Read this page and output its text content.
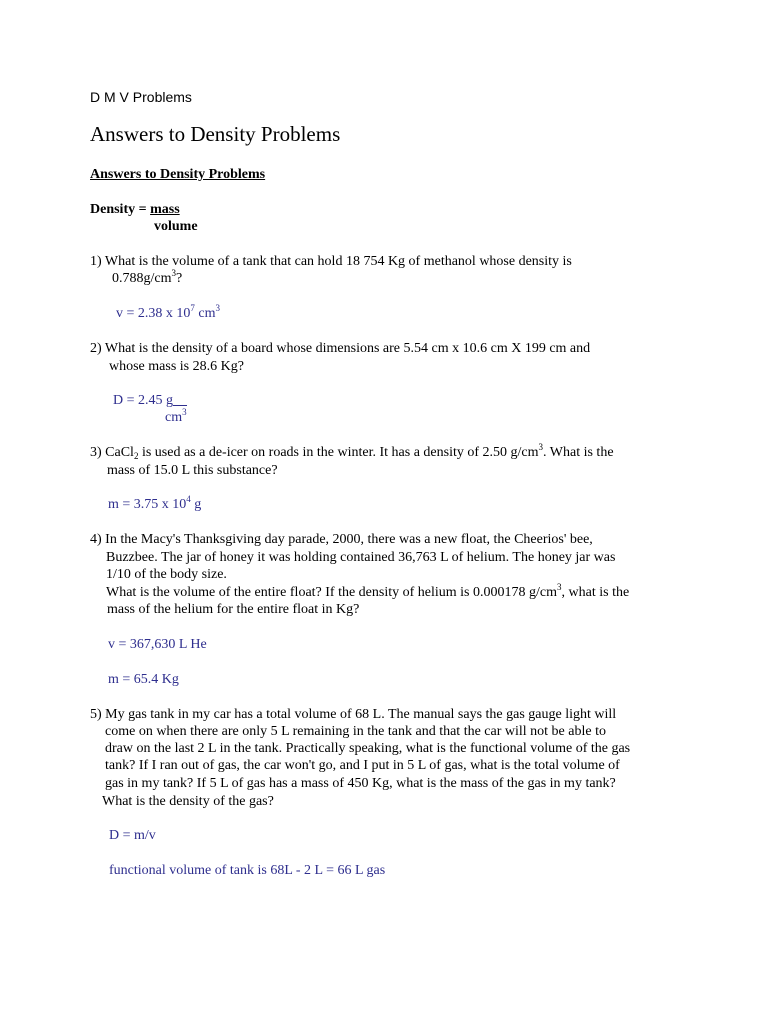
D M V Problems
Answers to Density Problems
Answers to Density Problems
Density = mass
volume
1) What is the volume of a tank that can hold 18 754 Kg of methanol whose density is
$0.788g/cm^3$?
v = 2.38 x $10^7$ $cm^3$
2) What is the density of a board whose dimensions are 5.54 cm x 10.6 cm X 199 cm and
whose mass is 28.6 Kg?
D = 2.45 g
$cm^3$
3) CaCl$_2$ is used as a de-icer on roads in the winter. It has a density of 2.50 $g/cm^3$. What is the
mass of 15.0 L this substance?
m = 3.75 x $10^4$ g
4) In the Macy's Thanksgiving day parade, 2000, there was a new float, the Cheerios' bee,
Buzzbee. The jar of honey it was holding contained 36,763 L of helium. The honey jar was
1/10 of the body size.
What is the volume of the entire float? If the density of helium is 0.000178 $g/cm^3$, what is the
mass of the helium for the entire float in Kg?
v = 367,630 L He
m = 65.4 Kg
5) My gas tank in my car has a total volume of 68 L. The manual says the gas gauge light will
come on when there are only 5 L remaining in the tank and that the car will not be able to
draw on the last 2 L in the tank. Practically speaking, what is the functional volume of the gas
tank? If I ran out of gas, the car won't go, and I put in 5 L of gas, what is the total volume of
gas in my tank? If 5 L of gas has a mass of 450 Kg, what is the mass of the gas in my tank?
What is the density of the gas?
D = m/v
functional volume of tank is 68L - 2 L = 66 L gas
